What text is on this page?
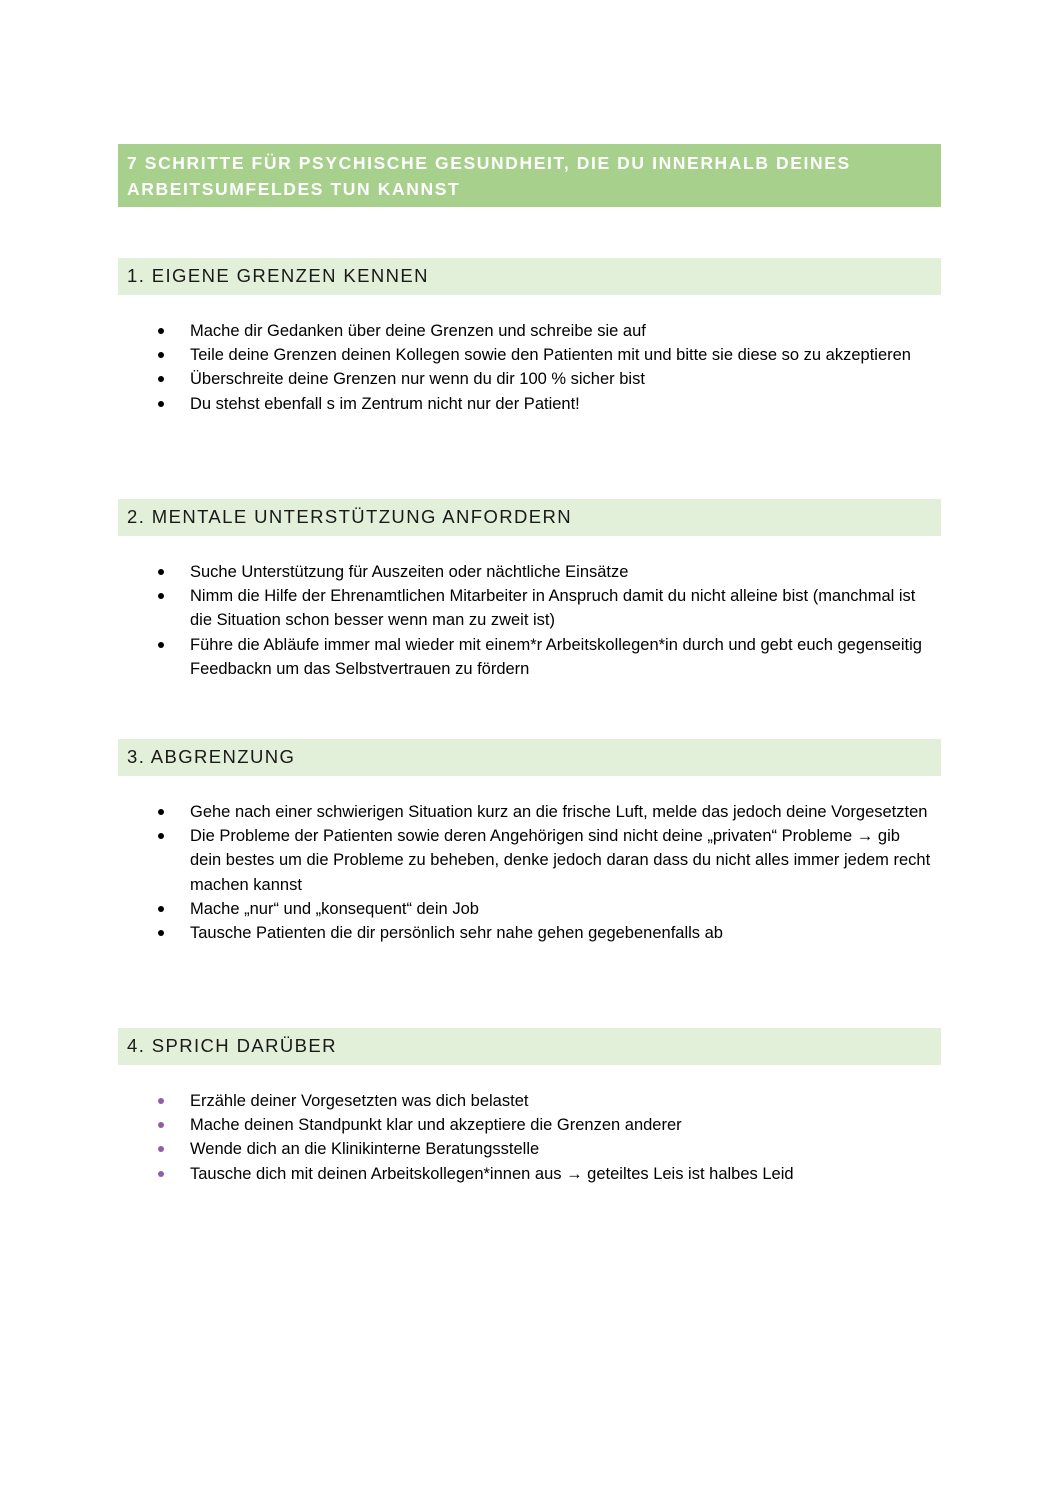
7 SCHRITTE FÜR PSYCHISCHE GESUNDHEIT, DIE DU INNERHALB DEINES
ARBEITSUMFELDES TUN KANNST
1. EIGENE GRENZEN KENNEN
Mache dir Gedanken über deine Grenzen und schreibe sie auf
Teile deine Grenzen deinen Kollegen sowie den Patienten mit und bitte sie diese so zu akzeptieren
Überschreite deine Grenzen nur wenn du dir 100 % sicher bist
Du stehst ebenfall s im Zentrum nicht nur der Patient!
2. MENTALE UNTERSTÜTZUNG ANFORDERN
Suche Unterstützung für Auszeiten oder nächtliche Einsätze
Nimm die Hilfe der Ehrenamtlichen Mitarbeiter in Anspruch damit du nicht alleine bist (manchmal ist die Situation schon besser wenn man zu zweit ist)
Führe die Abläufe immer mal wieder mit einem*r Arbeitskollegen*in durch und gebt euch gegenseitig Feedbackn um das Selbstvertrauen zu fördern
3. ABGRENZUNG
Gehe nach einer schwierigen Situation kurz an die frische Luft, melde das jedoch deine Vorgesetzten
Die Probleme der Patienten sowie deren Angehörigen sind nicht deine „privaten“ Probleme → gib dein bestes um die Probleme zu beheben, denke jedoch daran dass du nicht alles immer jedem recht machen kannst
Mache „nur“ und „konsequent“ dein Job
Tausche Patienten die dir persönlich sehr nahe gehen gegebenenfalls ab
4. SPRICH DARÜBER
Erzähle deiner Vorgesetzten was dich belastet
Mache deinen Standpunkt klar und akzeptiere die Grenzen anderer
Wende dich an die Klinikinterne Beratungsstelle
Tausche dich mit deinen Arbeitskollegen*innen aus → geteiltes Leis ist halbes Leid
